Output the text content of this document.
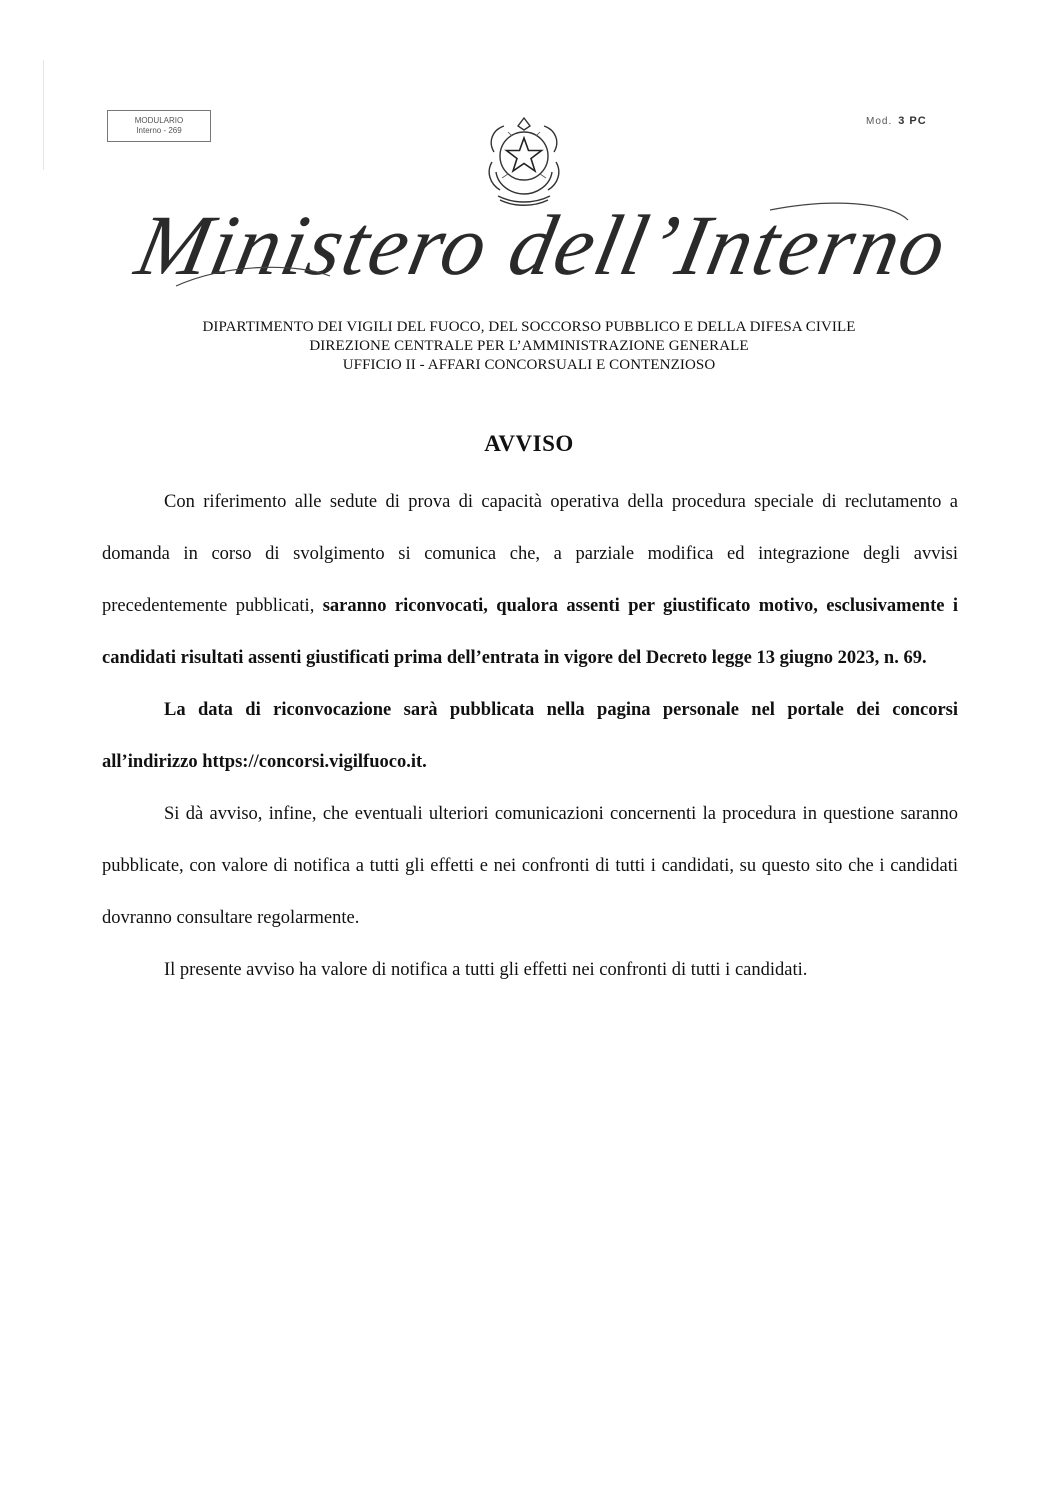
MODULARIO
Interno - 269
Mod. 3 PC
Ministero dell’Interno
DIPARTIMENTO DEI VIGILI DEL FUOCO, DEL SOCCORSO PUBBLICO E DELLA DIFESA CIVILE
DIREZIONE CENTRALE PER L’AMMINISTRAZIONE GENERALE
UFFICIO II - AFFARI CONCORSUALI E CONTENZIOSO
AVVISO

Con riferimento alle sedute di prova di capacità operativa della procedura speciale di reclutamento a domanda in corso di svolgimento si comunica che, a parziale modifica ed integrazione degli avvisi precedentemente pubblicati, saranno riconvocati, qualora assenti per giustificato motivo, esclusivamente i candidati risultati assenti giustificati prima dell’entrata in vigore del Decreto legge 13 giugno 2023, n. 69.

La data di riconvocazione sarà pubblicata nella pagina personale nel portale dei concorsi all’indirizzo https://concorsi.vigilfuoco.it.

Si dà avviso, infine, che eventuali ulteriori comunicazioni concernenti la procedura in questione saranno pubblicate, con valore di notifica a tutti gli effetti e nei confronti di tutti i candidati, su questo sito che i candidati dovranno consultare regolarmente.

Il presente avviso ha valore di notifica a tutti gli effetti nei confronti di tutti i candidati.
